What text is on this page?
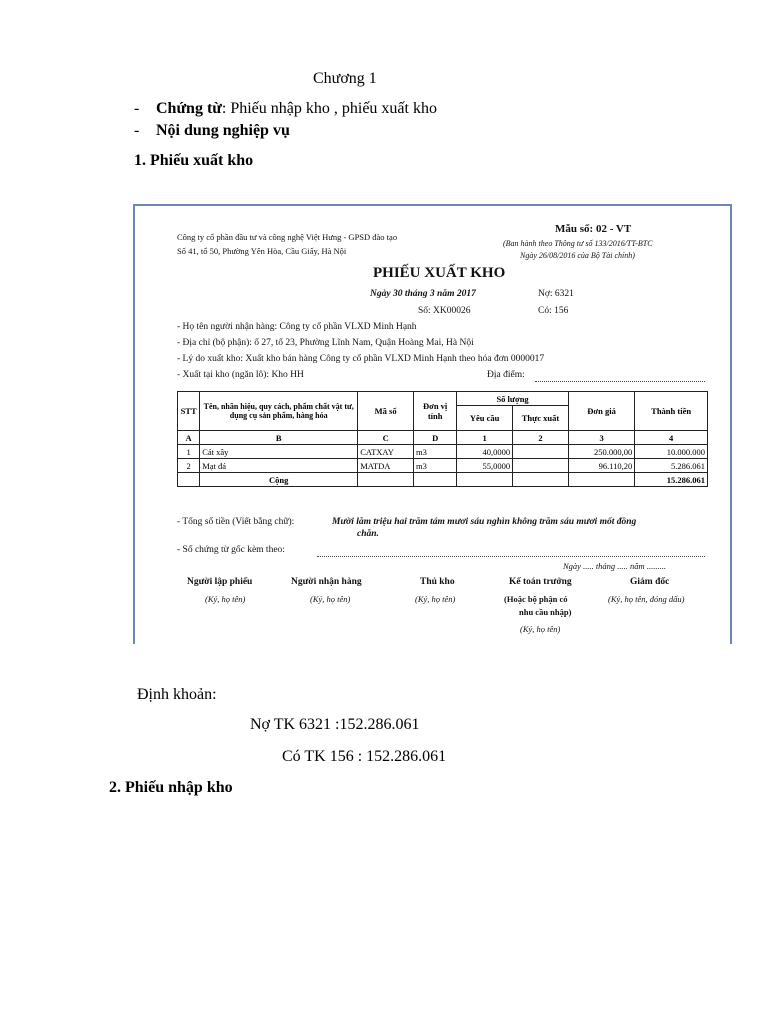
Chương 1
- Chứng từ: Phiếu nhập kho , phiếu xuất kho
- Nội dung nghiệp vụ
1. Phiếu xuất kho
Công ty cổ phần đầu tư và công nghệ Việt Hưng - GPSD đào tạo
Số 41, tổ 50, Phường Yên Hòa, Cầu Giấy, Hà Nội
Mẫu số: 02 - VT
(Ban hành theo Thông tư số 133/2016/TT-BTC
Ngày 26/08/2016 của Bộ Tài chính)
PHIẾU XUẤT KHO
Ngày 30 tháng 3 năm 2017	Nợ: 6321
Số: XK00026	Có: 156
- Họ tên người nhận hàng: Công ty cổ phần VLXD Minh Hạnh
- Địa chỉ (bộ phận): ố 27, tổ 23, Phường Lĩnh Nam, Quận Hoàng Mai, Hà Nội
- Lý do xuất kho: Xuất kho bán hàng Công ty cổ phần VLXD Minh Hạnh theo hóa đơn 0000017
- Xuất tại kho (ngăn lô): Kho HH	Địa điểm:
STT	Tên, nhãn hiệu, quy cách, phẩm chất vật tư, dụng cụ sản phẩm, hàng hóa	Mã số	Đơn vị tính	Số lượng		Đơn giá	Thành tiền
				Yêu cầu	Thực xuất		
A	B	C	D	1	2	3	4
1	Cát xây	CATXAY	m3	40,0000		250.000,00	10.000.000
2	Mạt đá	MATDA	m3	55,0000		96.110,20	5.286.061
	Cộng						15.286.061
- Tổng số tiền (Viết bằng chữ):	Mười lăm triệu hai trăm tám mươi sáu nghìn không trăm sáu mươi mốt đồng
chẵn.
- Số chứng từ gốc kèm theo:
Ngày ..... tháng ..... năm .........
Người lập phiếu
(Ký, họ tên)
Người nhận hàng
(Ký, họ tên)
Thủ kho
(Ký, họ tên)
Kế toán trưởng
(Hoặc bộ phận có
nhu cầu nhập)
(Ký, họ tên)
Giám đốc
(Ký, họ tên, đóng dấu)
Định khoản:
Nợ TK 6321 :152.286.061
Có TK 156 : 152.286.061
2. Phiếu nhập kho
